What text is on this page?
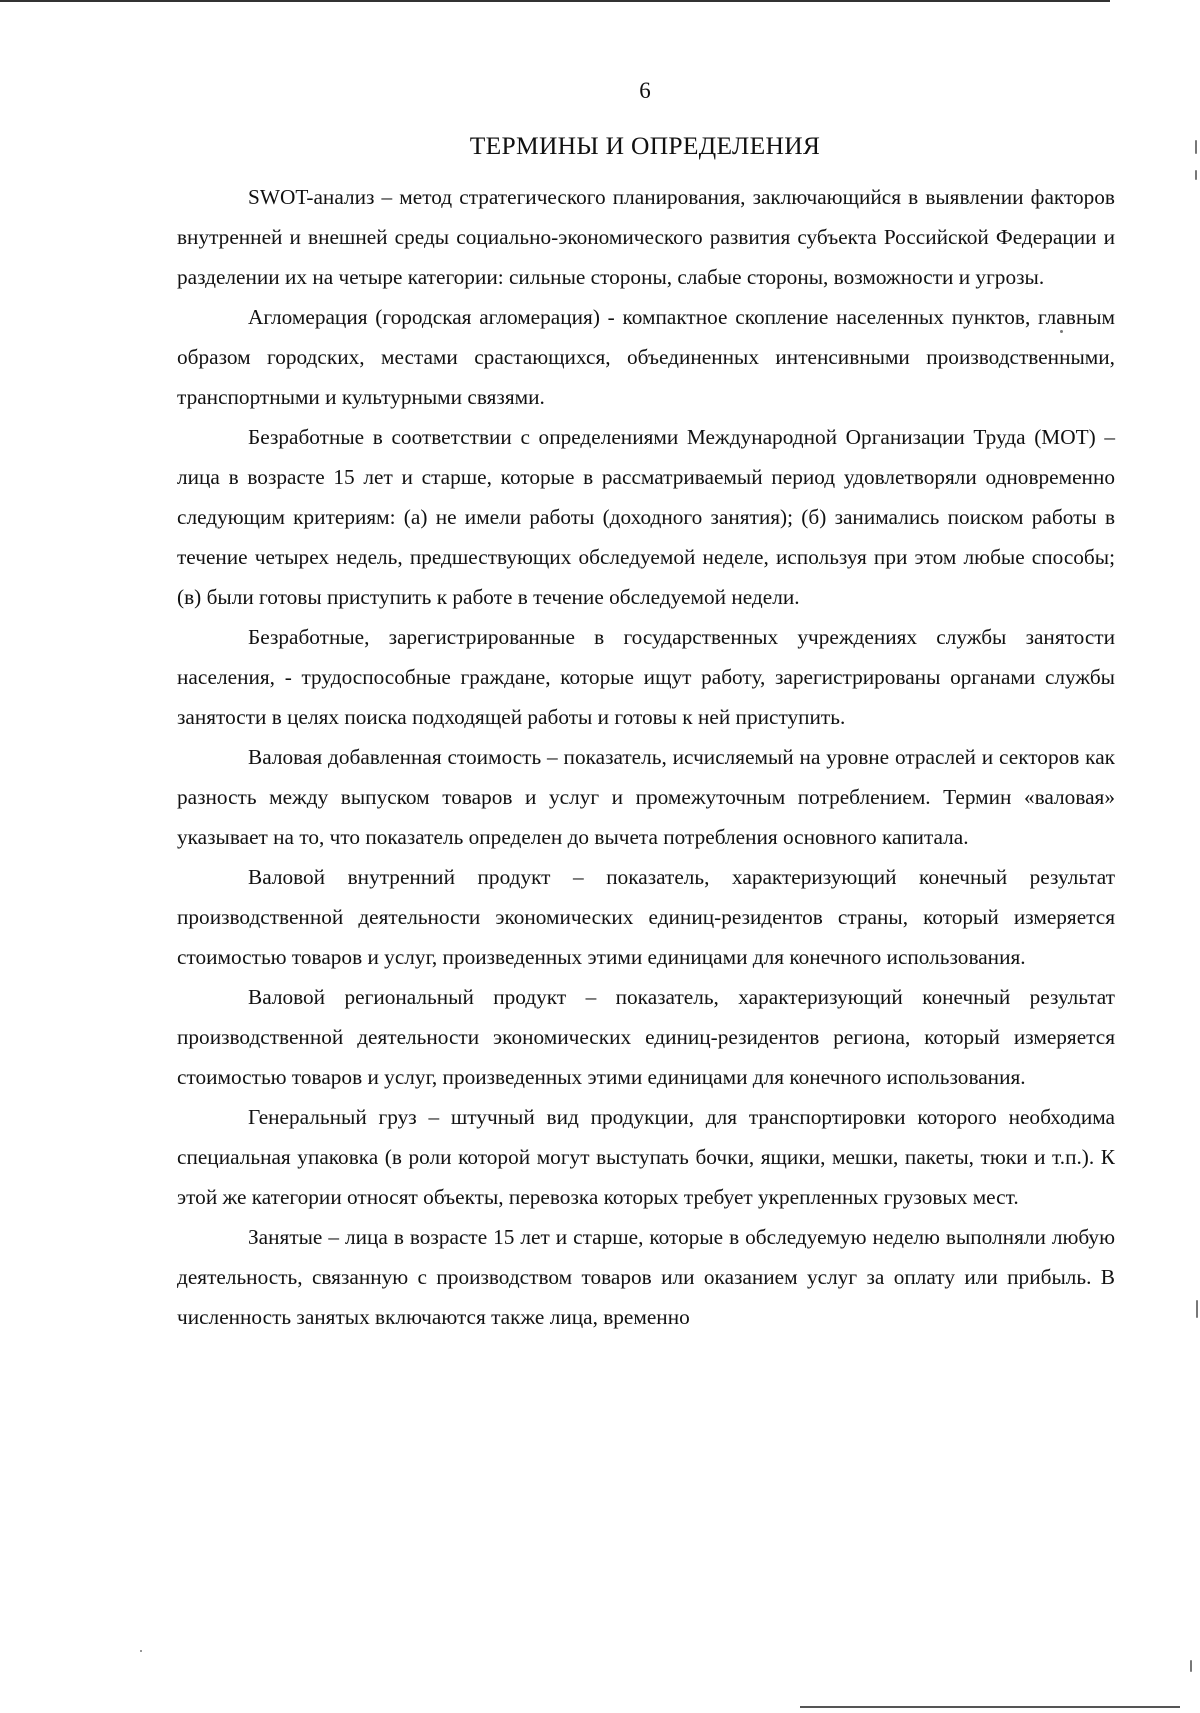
6
ТЕРМИНЫ И ОПРЕДЕЛЕНИЯ

SWOT-анализ – метод стратегического планирования, заключающийся в выявлении факторов внутренней и внешней среды социально-экономического развития субъекта Российской Федерации и разделении их на четыре категории: сильные стороны, слабые стороны, возможности и угрозы.

Агломерация (городская агломерация) - компактное скопление населенных пунктов, главным образом городских, местами срастающихся, объединенных интенсивными производственными, транспортными и культурными связями.

Безработные в соответствии с определениями Международной Организации Труда (МОТ) – лица в возрасте 15 лет и старше, которые в рассматриваемый период удовлетворяли одновременно следующим критериям: (а) не имели работы (доходного занятия); (б) занимались поиском работы в течение четырех недель, предшествующих обследуемой неделе, используя при этом любые способы; (в) были готовы приступить к работе в течение обследуемой недели.

Безработные, зарегистрированные в государственных учреждениях службы занятости населения, - трудоспособные граждане, которые ищут работу, зарегистрированы органами службы занятости в целях поиска подходящей работы и готовы к ней приступить.

Валовая добавленная стоимость – показатель, исчисляемый на уровне отраслей и секторов как разность между выпуском товаров и услуг и промежуточным потреблением. Термин «валовая» указывает на то, что показатель определен до вычета потребления основного капитала.

Валовой внутренний продукт – показатель, характеризующий конечный результат производственной деятельности экономических единиц-резидентов страны, который измеряется стоимостью товаров и услуг, произведенных этими единицами для конечного использования.

Валовой региональный продукт – показатель, характеризующий конечный результат производственной деятельности экономических единиц-резидентов региона, который измеряется стоимостью товаров и услуг, произведенных этими единицами для конечного использования.

Генеральный груз – штучный вид продукции, для транспортировки которого необходима специальная упаковка (в роли которой могут выступать бочки, ящики, мешки, пакеты, тюки и т.п.). К этой же категории относят объекты, перевозка которых требует укрепленных грузовых мест.

Занятые – лица в возрасте 15 лет и старше, которые в обследуемую неделю выполняли любую деятельность, связанную с производством товаров или оказанием услуг за оплату или прибыль. В численность занятых включаются также лица, временно
